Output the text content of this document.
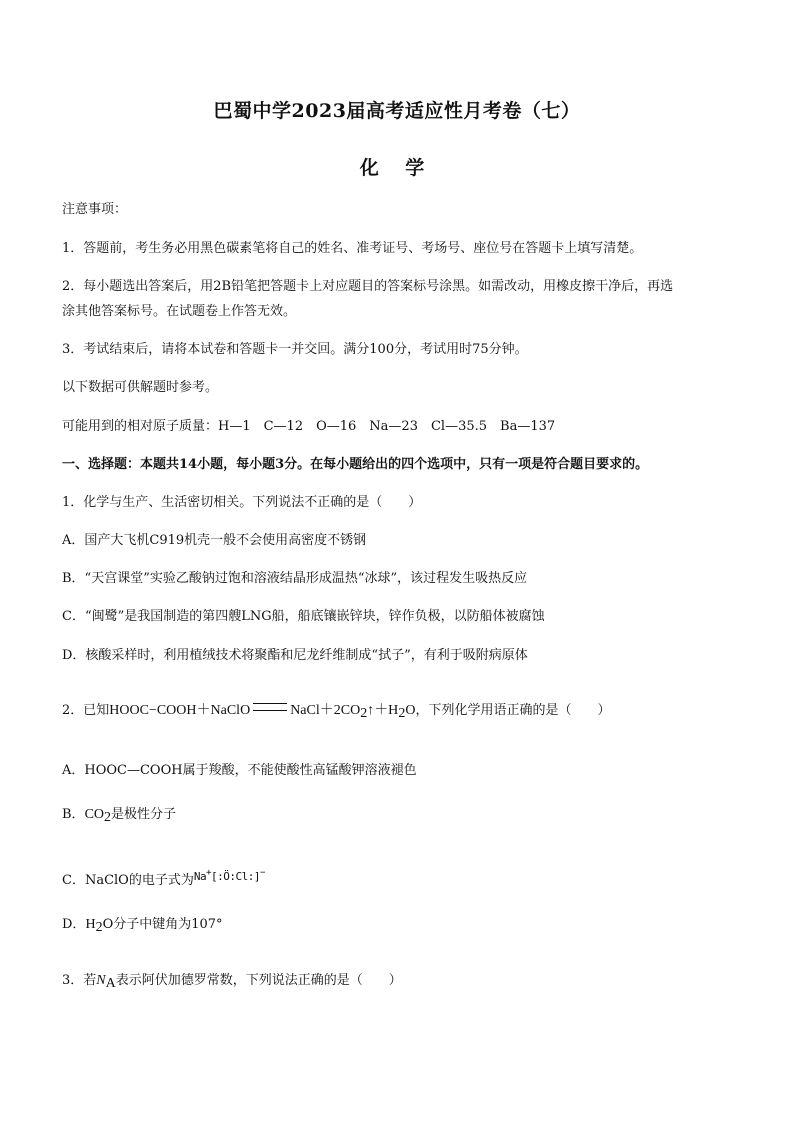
巴蜀中学2023届高考适应性月考卷（七）
化 学
注意事项：
1．答题前，考生务必用黑色碳素笔将自己的姓名、准考证号、考场号、座位号在答题卡上填写清楚。
2．每小题选出答案后，用2B铅笔把答题卡上对应题目的答案标号涂黑。如需改动，用橡皮擦干净后，再选
涂其他答案标号。在试题卷上作答无效。
3．考试结束后，请将本试卷和答题卡一并交回。满分100分，考试用时75分钟。
以下数据可供解题时参考。
可能用到的相对原子质量：H—1　C—12　O—16　Na—23　Cl—35.5　Ba—137
一、选择题：本题共14小题，每小题3分。在每小题给出的四个选项中，只有一项是符合题目要求的。
1．化学与生产、生活密切相关。下列说法不正确的是（　　）
A．国产大飞机C919机壳一般不会使用高密度不锈钢
B．“天宫课堂”实验乙酸钠过饱和溶液结晶形成温热“冰球”，该过程发生吸热反应
C．“闽鹭”是我国制造的第四艘LNG船，船底镶嵌锌块，锌作负极，以防船体被腐蚀
D．核酸采样时，利用植绒技术将聚酯和尼龙纤维制成“拭子”，有利于吸附病原体
2．已知HOOC−COOH＋NaClO	$NaCl+2CO_2↑+H_2O$，下列化学用语正确的是（　　）
A．HOOC—COOH属于羧酸，不能使酸性高锰酸钾溶液褪色
B．$CO_2$是极性分子
C．NaClO的电子式为$^{Na^+[:Ö:Cl:]^-}$
D．$H_2O$分子中键角为107°
3．若$N_A$表示阿伏加德罗常数，下列说法正确的是（　　）
